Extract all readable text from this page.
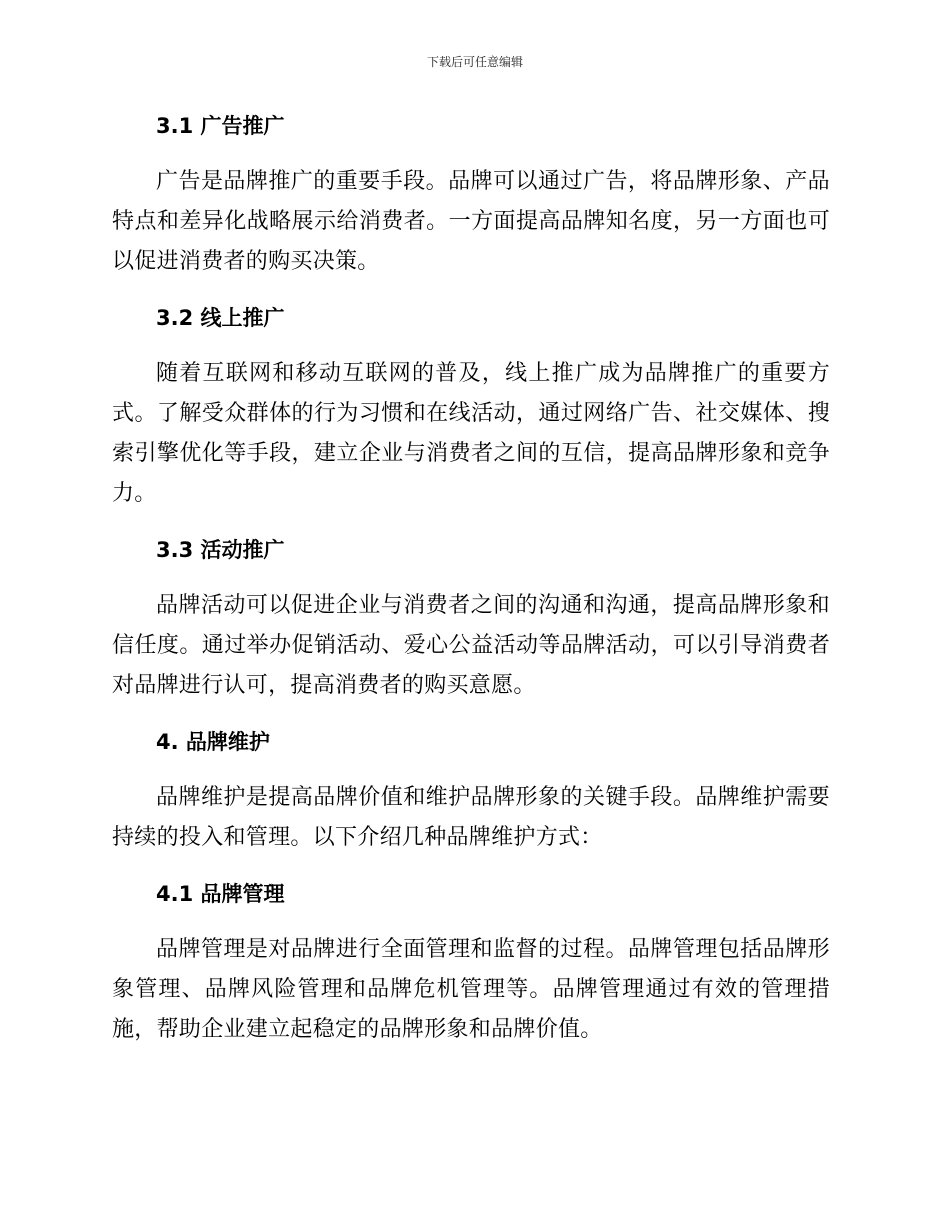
下载后可任意编辑
3.1 广告推广

广告是品牌推广的重要手段。品牌可以通过广告，将品牌形象、产品特点和差异化战略展示给消费者。一方面提高品牌知名度，另一方面也可以促进消费者的购买决策。

3.2 线上推广

随着互联网和移动互联网的普及，线上推广成为品牌推广的重要方式。了解受众群体的行为习惯和在线活动，通过网络广告、社交媒体、搜索引擎优化等手段，建立企业与消费者之间的互信，提高品牌形象和竞争力。

3.3 活动推广

品牌活动可以促进企业与消费者之间的沟通和沟通，提高品牌形象和信任度。通过举办促销活动、爱心公益活动等品牌活动，可以引导消费者对品牌进行认可，提高消费者的购买意愿。

4. 品牌维护

品牌维护是提高品牌价值和维护品牌形象的关键手段。品牌维护需要持续的投入和管理。以下介绍几种品牌维护方式：

4.1 品牌管理

品牌管理是对品牌进行全面管理和监督的过程。品牌管理包括品牌形象管理、品牌风险管理和品牌危机管理等。品牌管理通过有效的管理措施，帮助企业建立起稳定的品牌形象和品牌价值。
